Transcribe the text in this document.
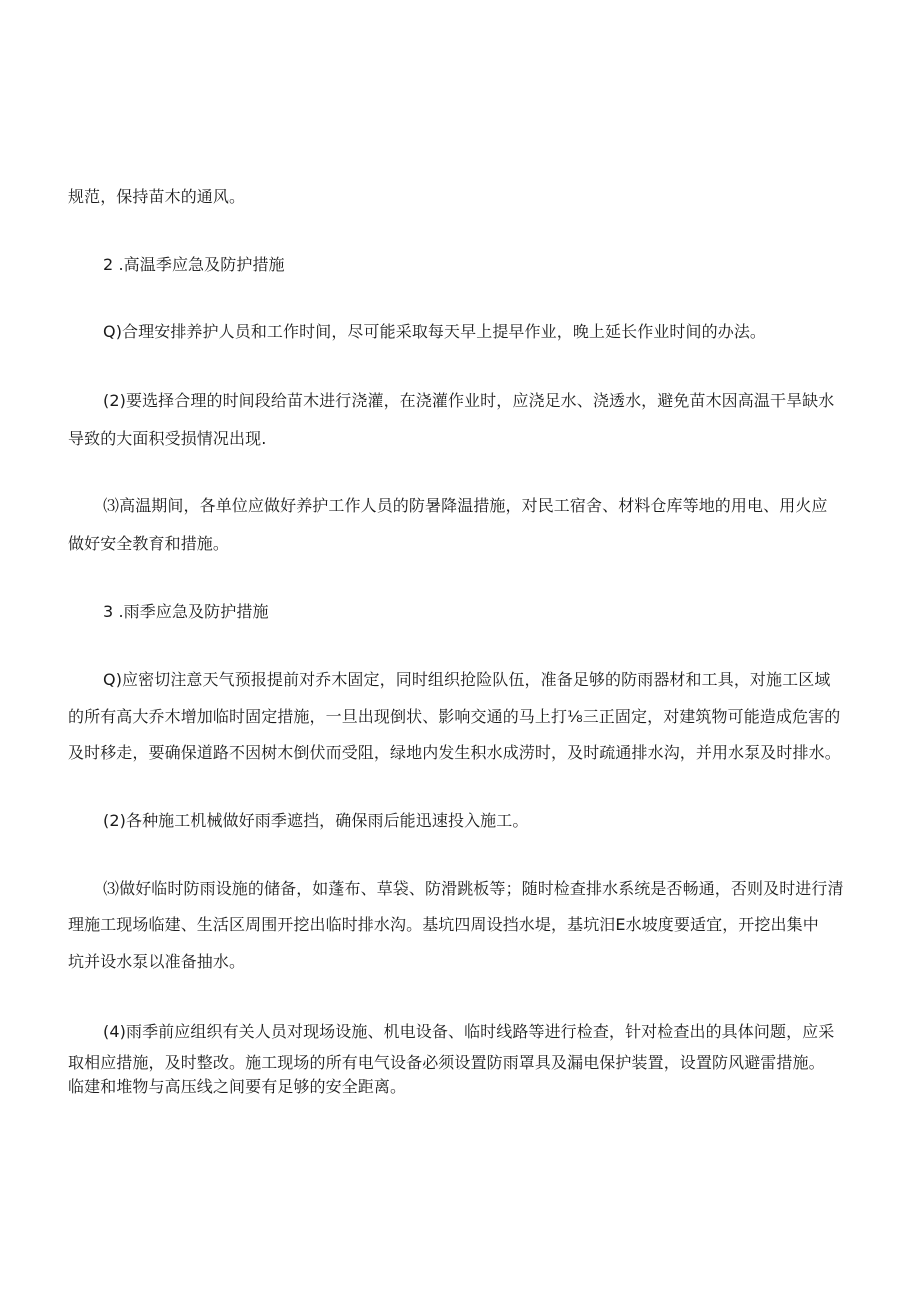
规范，保持苗木的通风。
2 .高温季应急及防护措施
Q)合理安排养护人员和工作时间，尽可能采取每天早上提早作业，晚上延长作业时间的办法。
(2)要选择合理的时间段给苗木进行浇灌，在浇灌作业时，应浇足水、浇透水，避免苗木因高温干旱缺水
导致的大面积受损情况出现.
⑶高温期间，各单位应做好养护工作人员的防暑降温措施，对民工宿舍、材料仓库等地的用电、用火应
做好安全教育和措施。
3 .雨季应急及防护措施
Q)应密切注意天气预报提前对乔木固定，同时组织抢险队伍，准备足够的防雨器材和工具，对施工区域
的所有高大乔木增加临时固定措施，一旦出现倒状、影响交通的马上打⅛三正固定，对建筑物可能造成危害的
及时移走，要确保道路不因树木倒伏而受阻，绿地内发生积水成涝时，及时疏通排水沟，并用水泵及时排水。
(2)各种施工机械做好雨季遮挡，确保雨后能迅速投入施工。
⑶做好临时防雨设施的储备，如蓬布、草袋、防滑跳板等；随时检查排水系统是否畅通，否则及时进行清
理施工现场临建、生活区周围开挖出临时排水沟。基坑四周设挡水堤，基坑汨E水坡度要适宜，开挖出集中
坑并设水泵以准备抽水。
(4)雨季前应组织有关人员对现场设施、机电设备、临时线路等进行检查，针对检查出的具体问题，应采
取相应措施，及时整改。施工现场的所有电气设备必须设置防雨罩具及漏电保护装置，设置防风避雷措施。
临建和堆物与高压线之间要有足够的安全距离。
